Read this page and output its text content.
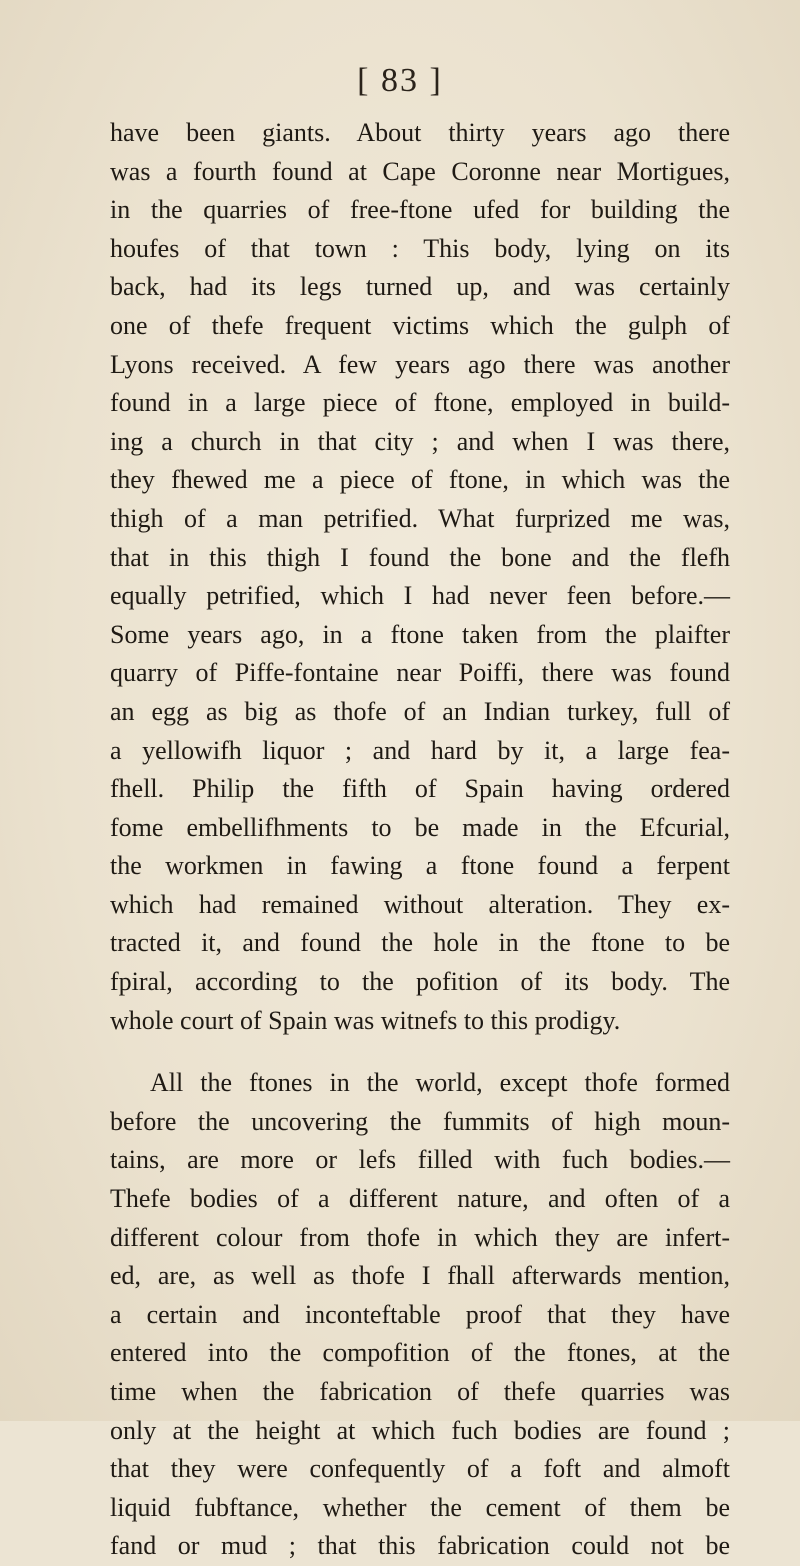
[ 83 ]
have been giants. About thirty years ago there
was a fourth found at Cape Coronne near Mortigues,
in the quarries of free-ftone ufed for building the
houfes of that town : This body, lying on its
back, had its legs turned up, and was certainly
one of thefe frequent victims which the gulph of
Lyons received. A few years ago there was another
found in a large piece of ftone, employed in build-
ing a church in that city ; and when I was there,
they fhewed me a piece of ftone, in which was the
thigh of a man petrified. What furprized me was,
that in this thigh I found the bone and the flefh
equally petrified, which I had never feen before.—
Some years ago, in a ftone taken from the plaifter
quarry of Piffe-fontaine near Poiffi, there was found
an egg as big as thofe of an Indian turkey, full of
a yellowifh liquor ; and hard by it, a large fea-
fhell. Philip the fifth of Spain having ordered
fome embellifhments to be made in the Efcurial,
the workmen in fawing a ftone found a ferpent
which had remained without alteration. They ex-
tracted it, and found the hole in the ftone to be
fpiral, according to the pofition of its body. The
whole court of Spain was witnefs to this prodigy.
All the ftones in the world, except thofe formed
before the uncovering the fummits of high moun-
tains, are more or lefs filled with fuch bodies.—
Thefe bodies of a different nature, and often of a
different colour from thofe in which they are infert-
ed, are, as well as thofe I fhall afterwards mention,
a certain and inconteftable proof that they have
entered into the compofition of the ftones, at the
time when the fabrication of thefe quarries was
only at the height at which fuch bodies are found ;
that they were confequently of a foft and almoft
liquid fubftance, whether the cement of them be
fand or mud ; that this fabrication could not be
